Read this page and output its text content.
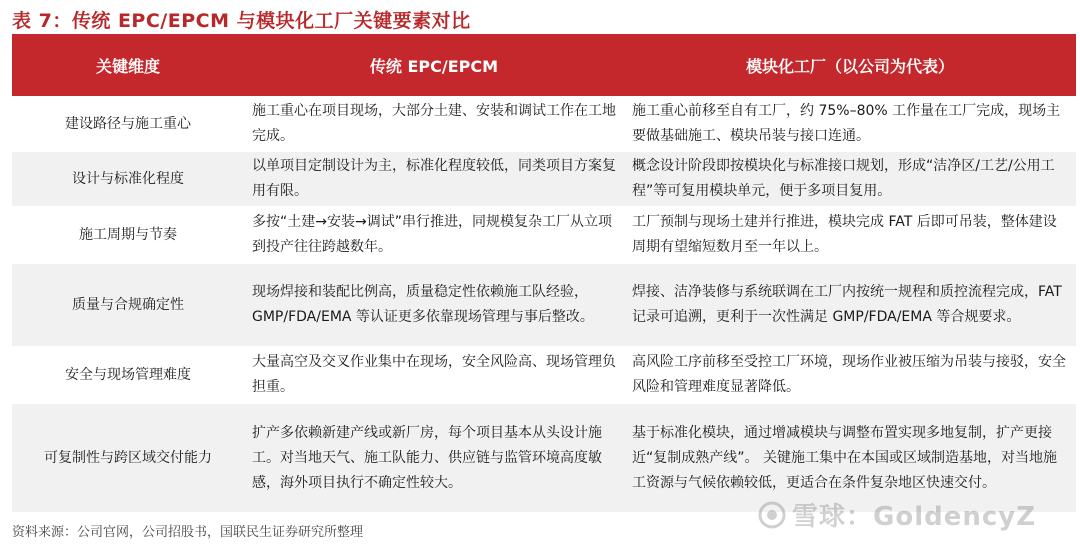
表 7：传统 EPC/EPCM 与模块化工厂关键要素对比
关键维度	传统 EPC/EPCM	模块化工厂（以公司为代表）
建设路径与施工重心	施工重心在项目现场，大部分土建、安装和调试工作在工地完成。	施工重心前移至自有工厂，约 75%–80% 工作量在工厂完成，现场主要做基础施工、模块吊装与接口连通。
设计与标准化程度	以单项目定制设计为主，标准化程度较低，同类项目方案复用有限。	概念设计阶段即按模块化与标准接口规划，形成“洁净区/工艺/公用工程”等可复用模块单元，便于多项目复用。
施工周期与节奏	多按“土建→安装→调试”串行推进，同规模复杂工厂从立项到投产往往跨越数年。	工厂预制与现场土建并行推进，模块完成 FAT 后即可吊装，整体建设周期有望缩短数月至一年以上。
质量与合规确定性	现场焊接和装配比例高，质量稳定性依赖施工队经验，GMP/FDA/EMA 等认证更多依靠现场管理与事后整改。	焊接、洁净装修与系统联调在工厂内按统一规程和质控流程完成，FAT 记录可追溯，更利于一次性满足 GMP/FDA/EMA 等合规要求。
安全与现场管理难度	大量高空及交叉作业集中在现场，安全风险高、现场管理负担重。	高风险工序前移至受控工厂环境，现场作业被压缩为吊装与接驳，安全风险和管理难度显著降低。
可复制性与跨区域交付能力	扩产多依赖新建产线或新厂房，每个项目基本从头设计施工。对当地天气、施工队能力、供应链与监管环境高度敏感，海外项目执行不确定性较大。	基于标准化模块，通过增减模块与调整布置实现多地复制，扩产更接近“复制成熟产线”。 关键施工集中在本国或区域制造基地，对当地施工资源与气候依赖较低，更适合在条件复杂地区快速交付。
资料来源：公司官网，公司招股书，国联民生证券研究所整理
雪球：GoldencyZ
